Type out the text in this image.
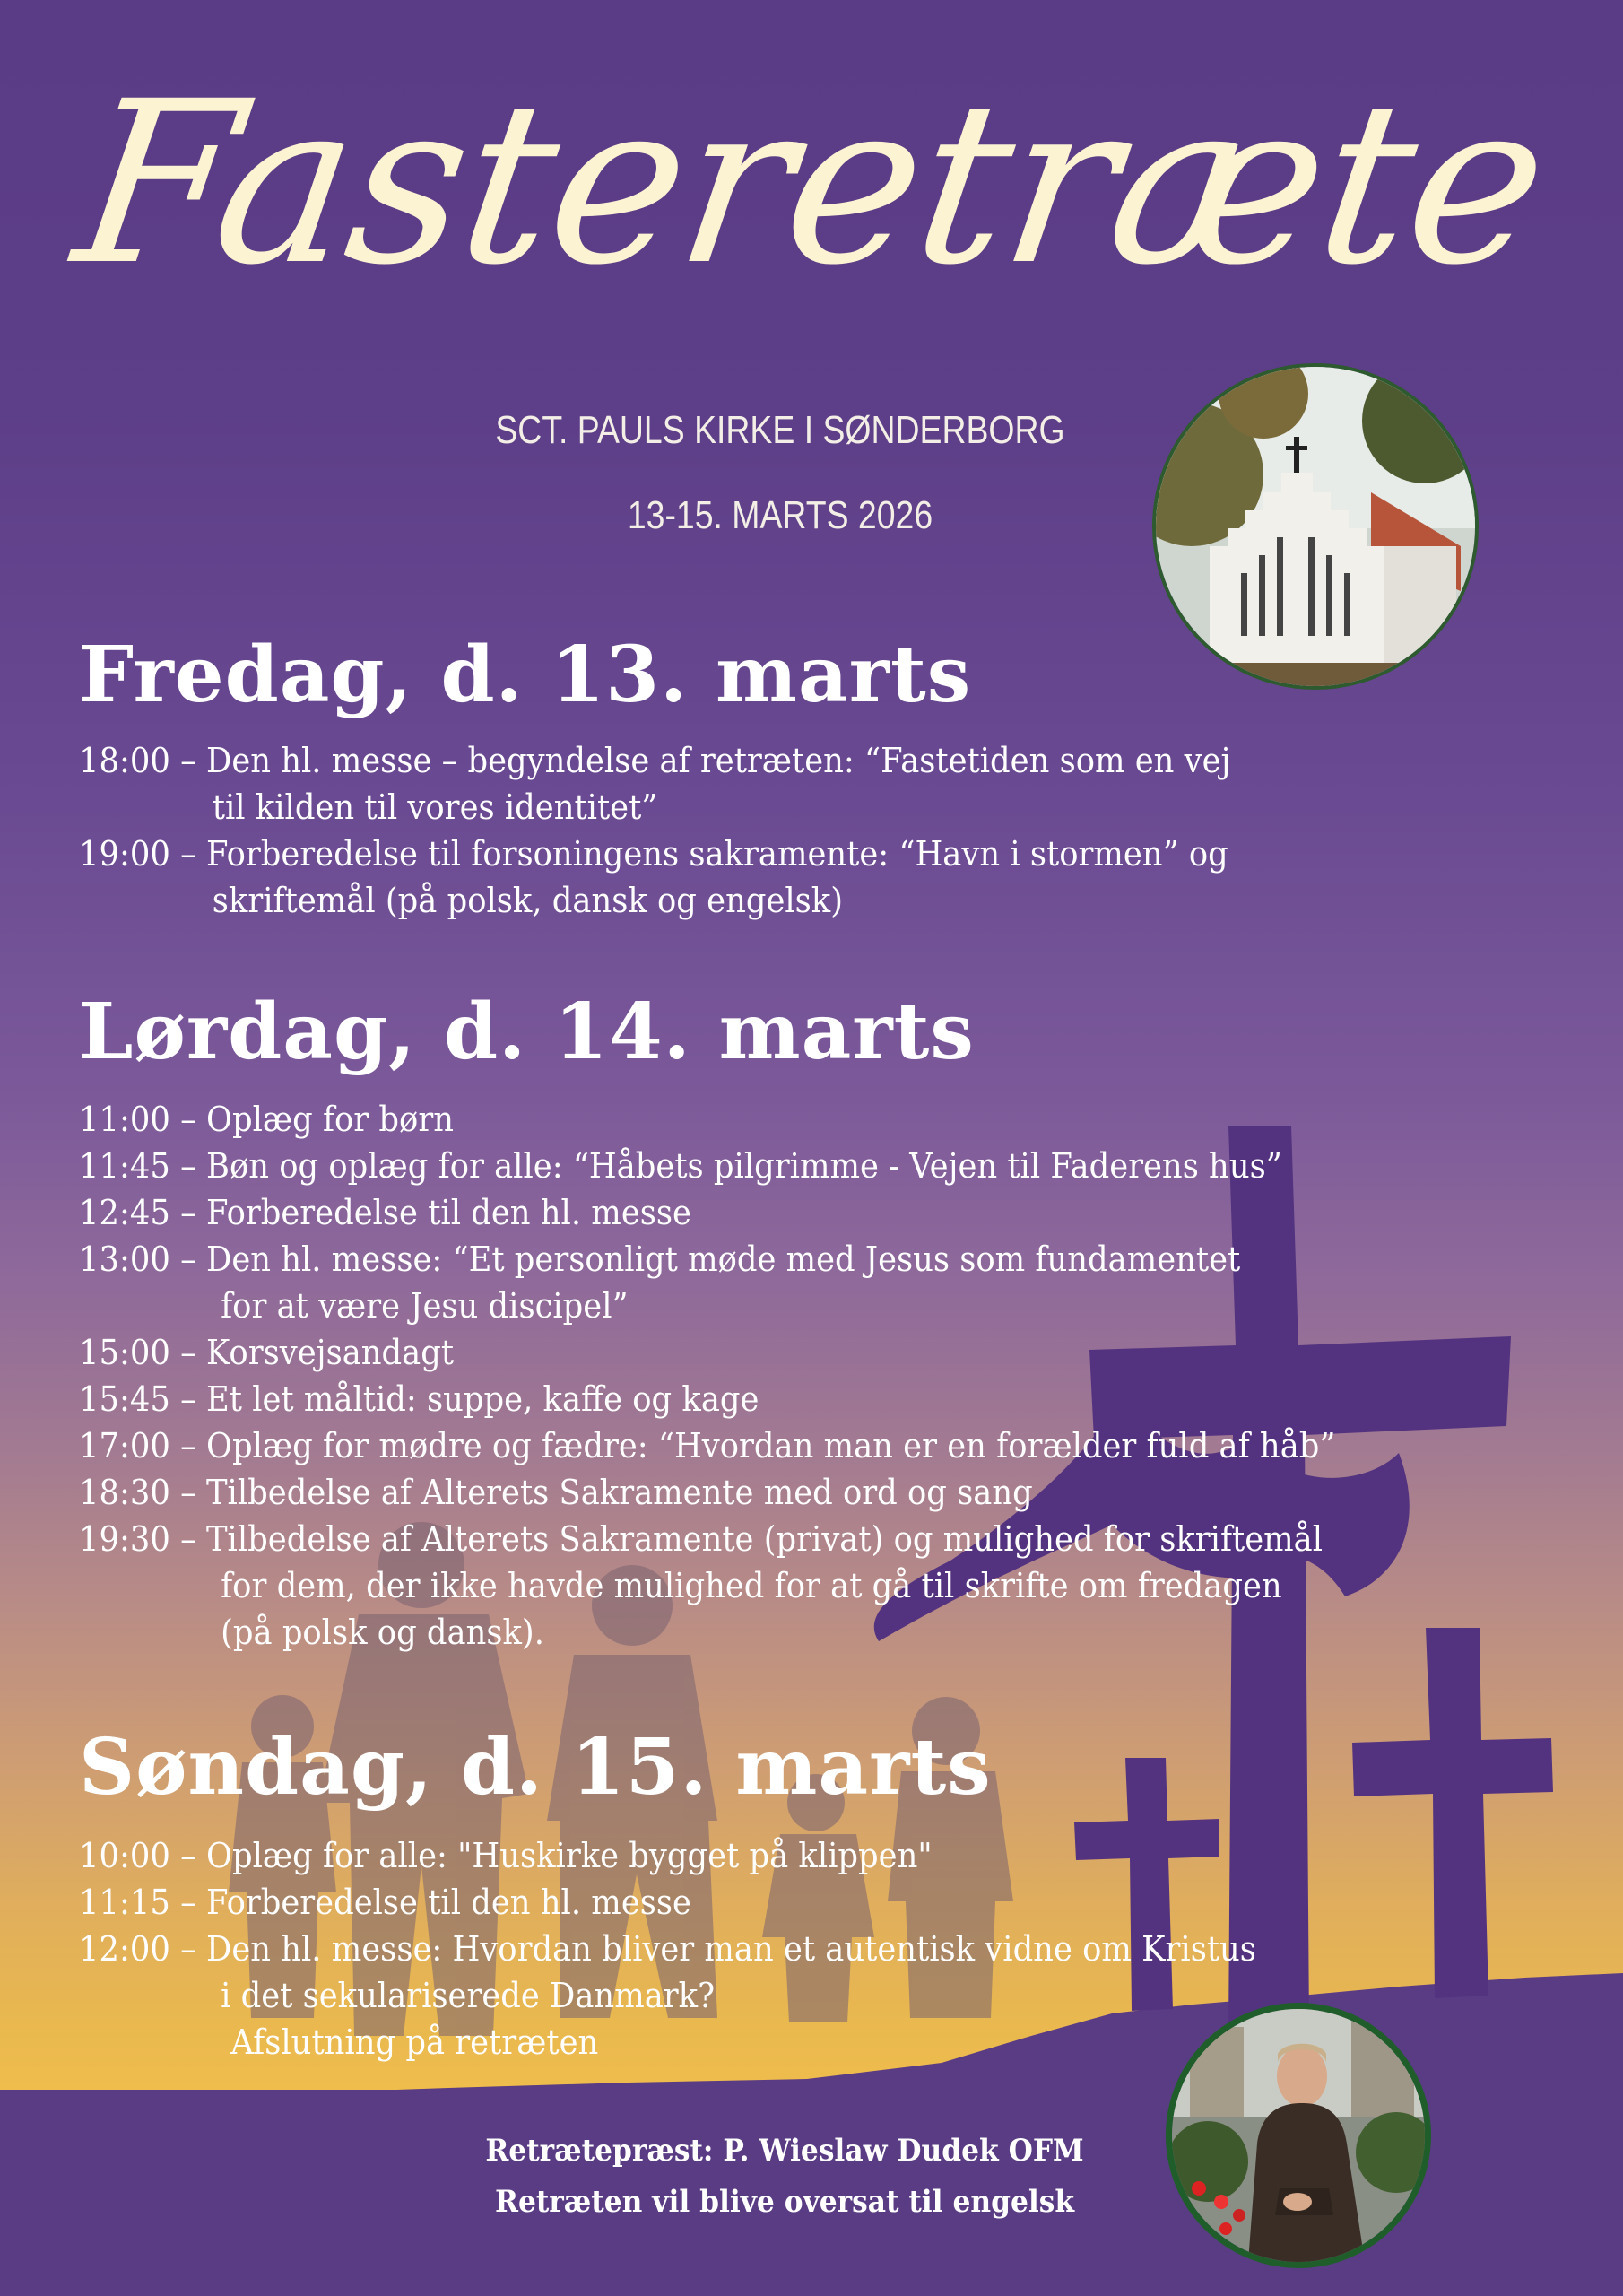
Fasteretræte
SCT. PAULS KIRKE I SØNDERBORG
13-15. MARTS 2026
Fredag, d. 13. marts
18:00 – Den hl. messe – begyndelse af retræten: “Fastetiden som en vej
til kilden til vores identitet”
19:00 – Forberedelse til forsoningens sakramente: “Havn i stormen” og
skriftemål (på polsk, dansk og engelsk)
Lørdag, d. 14. marts
11:00 – Oplæg for børn
11:45 – Bøn og oplæg for alle: “Håbets pilgrimme - Vejen til Faderens hus”
12:45 – Forberedelse til den hl. messe
13:00 – Den hl. messe: “Et personligt møde med Jesus som fundamentet
for at være Jesu discipel”
15:00 – Korsvejsandagt
15:45 – Et let måltid: suppe, kaffe og kage
17:00 – Oplæg for mødre og fædre: “Hvordan man er en forælder fuld af håb”
18:30 – Tilbedelse af Alterets Sakramente med ord og sang
19:30 – Tilbedelse af Alterets Sakramente (privat) og mulighed for skriftemål
for dem, der ikke havde mulighed for at gå til skrifte om fredagen
(på polsk og dansk).
Søndag, d. 15. marts
10:00 – Oplæg for alle: "Huskirke bygget på klippen"
11:15 – Forberedelse til den hl. messe
12:00 – Den hl. messe: Hvordan bliver man et autentisk vidne om Kristus
i det sekulariserede Danmark?
Afslutning på retræten
Retrætepræst: P. Wieslaw Dudek OFM
Retræten vil blive oversat til engelsk
